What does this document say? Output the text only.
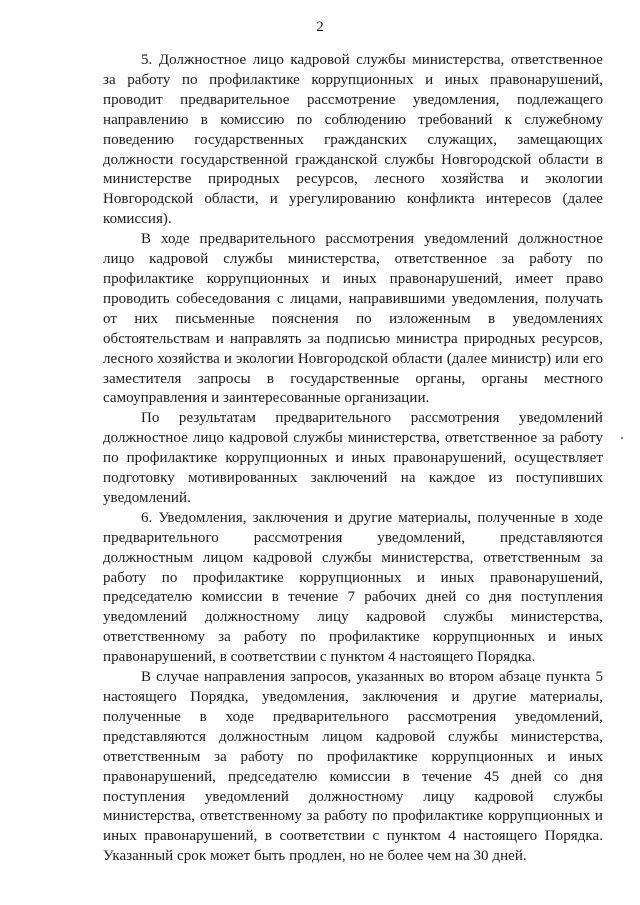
2

5. Должностное лицо кадровой службы министерства, ответственное за работу по профилактике коррупционных и иных правонарушений, проводит предварительное рассмотрение уведомления, подлежащего направлению в комиссию по соблюдению требований к служебному поведению государственных гражданских служащих, замещающих должности государственной гражданской службы Новгородской области в министерстве природных ресурсов, лесного хозяйства и экологии Новгородской области, и урегулированию конфликта интересов (далее комиссия).

В ходе предварительного рассмотрения уведомлений должностное лицо кадровой службы министерства, ответственное за работу по профилактике коррупционных и иных правонарушений, имеет право проводить собеседования с лицами, направившими уведомления, получать от них письменные пояснения по изложенным в уведомлениях обстоятельствам и направлять за подписью министра природных ресурсов, лесного хозяйства и экологии Новгородской области (далее министр) или его заместителя запросы в государственные органы, органы местного самоуправления и заинтересованные организации.

По результатам предварительного рассмотрения уведомлений должностное лицо кадровой службы министерства, ответственное за работу по профилактике коррупционных и иных правонарушений, осуществляет подготовку мотивированных заключений на каждое из поступивших уведомлений.

6. Уведомления, заключения и другие материалы, полученные в ходе предварительного рассмотрения уведомлений, представляются должностным лицом кадровой службы министерства, ответственным за работу по профилактике коррупционных и иных правонарушений, председателю комиссии в течение 7 рабочих дней со дня поступления уведомлений должностному лицу кадровой службы министерства, ответственному за работу по профилактике коррупционных и иных правонарушений, в соответствии с пунктом 4 настоящего Порядка.

В случае направления запросов, указанных во втором абзаце пункта 5 настоящего Порядка, уведомления, заключения и другие материалы, полученные в ходе предварительного рассмотрения уведомлений, представляются должностным лицом кадровой службы министерства, ответственным за работу по профилактике коррупционных и иных правонарушений, председателю комиссии в течение 45 дней со дня поступления уведомлений должностному лицу кадровой службы министерства, ответственному за работу по профилактике коррупционных и иных правонарушений, в соответствии с пунктом 4 настоящего Порядка. Указанный срок может быть продлен, но не более чем на 30 дней.
